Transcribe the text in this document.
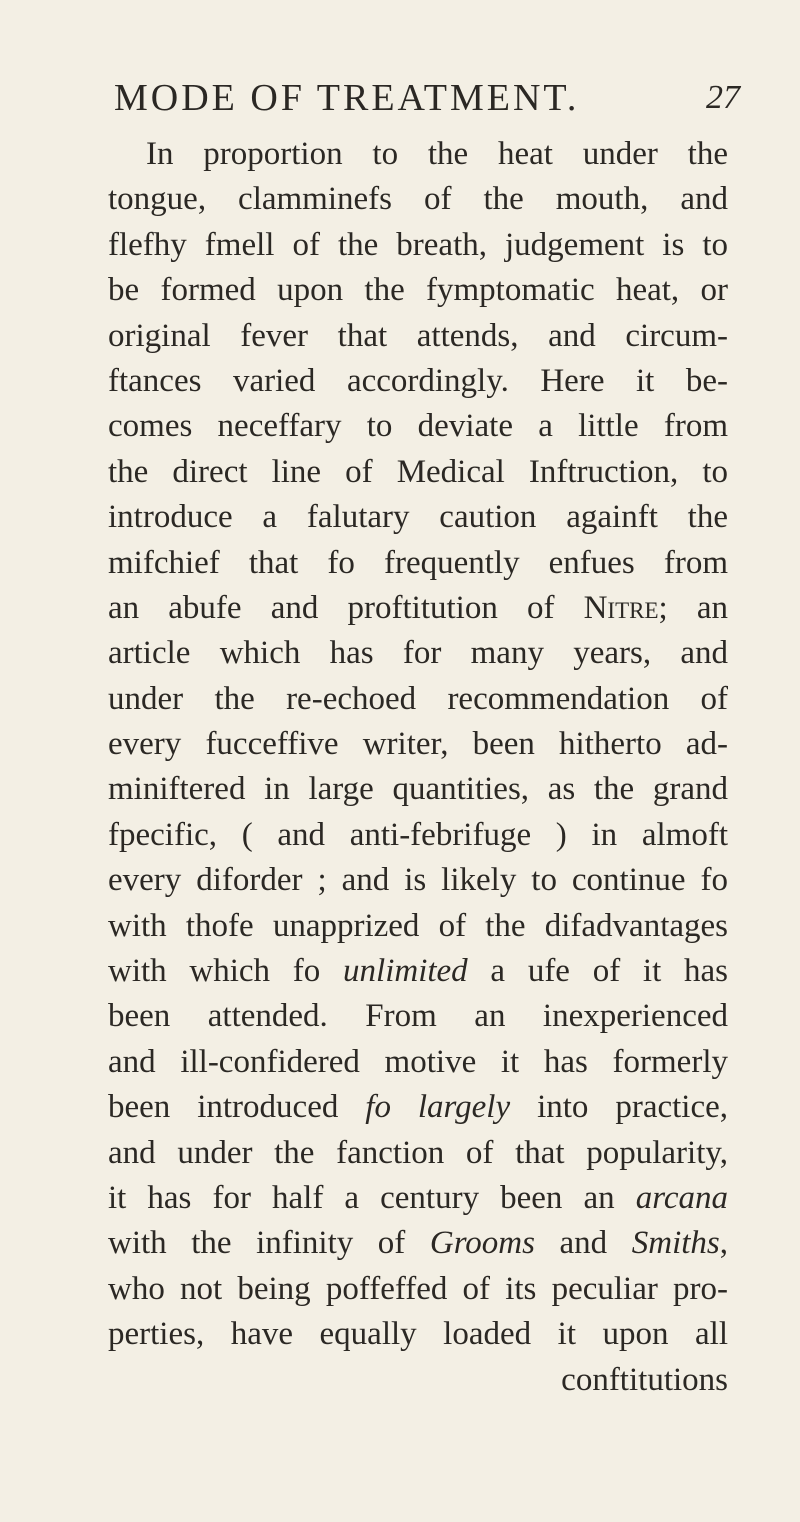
MODE OF TREATMENT.	27
In proportion to the heat under the
tongue, clamminefs of the mouth, and
flefhy fmell of the breath, judgement is to
be formed upon the fymptomatic heat, or
original fever that attends, and circum-
ftances varied accordingly. Here it be-
comes neceffary to deviate a little from
the direct line of Medical Inftruction, to
introduce a falutary caution againft the
mifchief that fo frequently enfues from
an abufe and proftitution of Nitre; an
article which has for many years, and
under the re-echoed recommendation of
every fucceffive writer, been hitherto ad-
miniftered in large quantities, as the grand
fpecific, ( and anti-febrifuge ) in almoft
every diforder ; and is likely to continue fo
with thofe unapprized of the difadvantages
with which fo unlimited a ufe of it has
been attended. From an inexperienced
and ill-confidered motive it has formerly
been introduced fo largely into practice,
and under the fanction of that popularity,
it has for half a century been an arcana
with the infinity of Grooms and Smiths,
who not being poffeffed of its peculiar pro-
perties, have equally loaded it upon all
conftitutions
